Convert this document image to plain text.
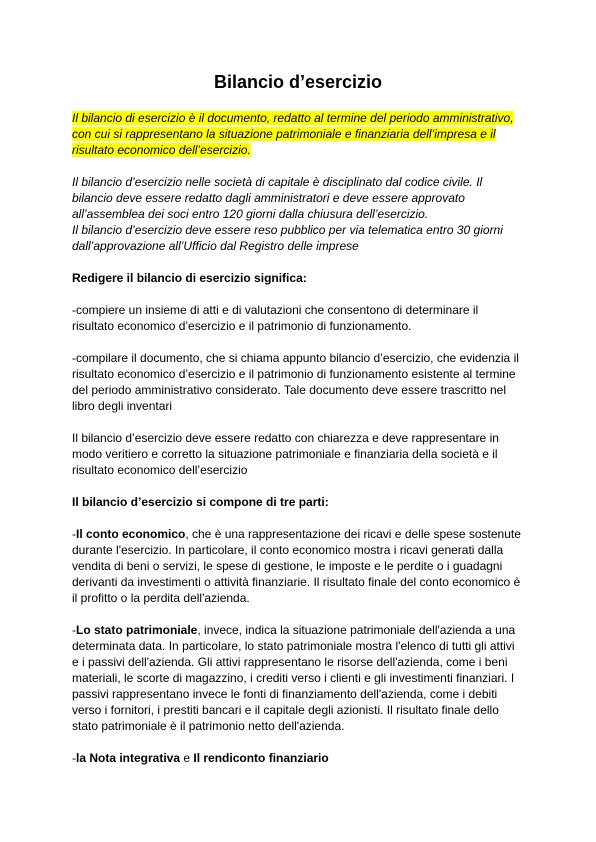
Bilancio d’esercizio
Il bilancio di esercizio è il documento, redatto al termine del periodo amministrativo,
con cui si rappresentano la situazione patrimoniale e finanziaria dell’impresa e il
risultato economico dell’esercizio.
Il bilancio d’esercizio nelle società di capitale è disciplinato dal codice civile. Il
bilancio deve essere redatto dagli amministratori e deve essere approvato
all’assemblea dei soci entro 120 giorni dalla chiusura dell’esercizio.
Il bilancio d’esercizio deve essere reso pubblico per via telematica entro 30 giorni
dall’approvazione all’Ufficio dal Registro delle imprese
Redigere il bilancio di esercizio significa:
-compiere un insieme di atti e di valutazioni che consentono di determinare il
risultato economico d’esercizio e il patrimonio di funzionamento.
-compilare il documento, che si chiama appunto bilancio d’esercizio, che evidenzia il
risultato economico d’esercizio e il patrimonio di funzionamento esistente al termine
del periodo amministrativo considerato. Tale documento deve essere trascritto nel
libro degli inventari
Il bilancio d’esercizio deve essere redatto con chiarezza e deve rappresentare in
modo veritiero e corretto la situazione patrimoniale e finanziaria della società e il
risultato economico dell’esercizio
Il bilancio d’esercizio si compone di tre parti:
-Il conto economico, che è una rappresentazione dei ricavi e delle spese sostenute
durante l'esercizio. In particolare, il conto economico mostra i ricavi generati dalla
vendita di beni o servizi, le spese di gestione, le imposte e le perdite o i guadagni
derivanti da investimenti o attività finanziarie. Il risultato finale del conto economico è
il profitto o la perdita dell'azienda.
-Lo stato patrimoniale, invece, indica la situazione patrimoniale dell'azienda a una
determinata data. In particolare, lo stato patrimoniale mostra l'elenco di tutti gli attivi
e i passivi dell'azienda. Gli attivi rappresentano le risorse dell'azienda, come i beni
materiali, le scorte di magazzino, i crediti verso i clienti e gli investimenti finanziari. I
passivi rappresentano invece le fonti di finanziamento dell'azienda, come i debiti
verso i fornitori, i prestiti bancari e il capitale degli azionisti. Il risultato finale dello
stato patrimoniale è il patrimonio netto dell'azienda.
-la Nota integrativa e Il rendiconto finanziario
